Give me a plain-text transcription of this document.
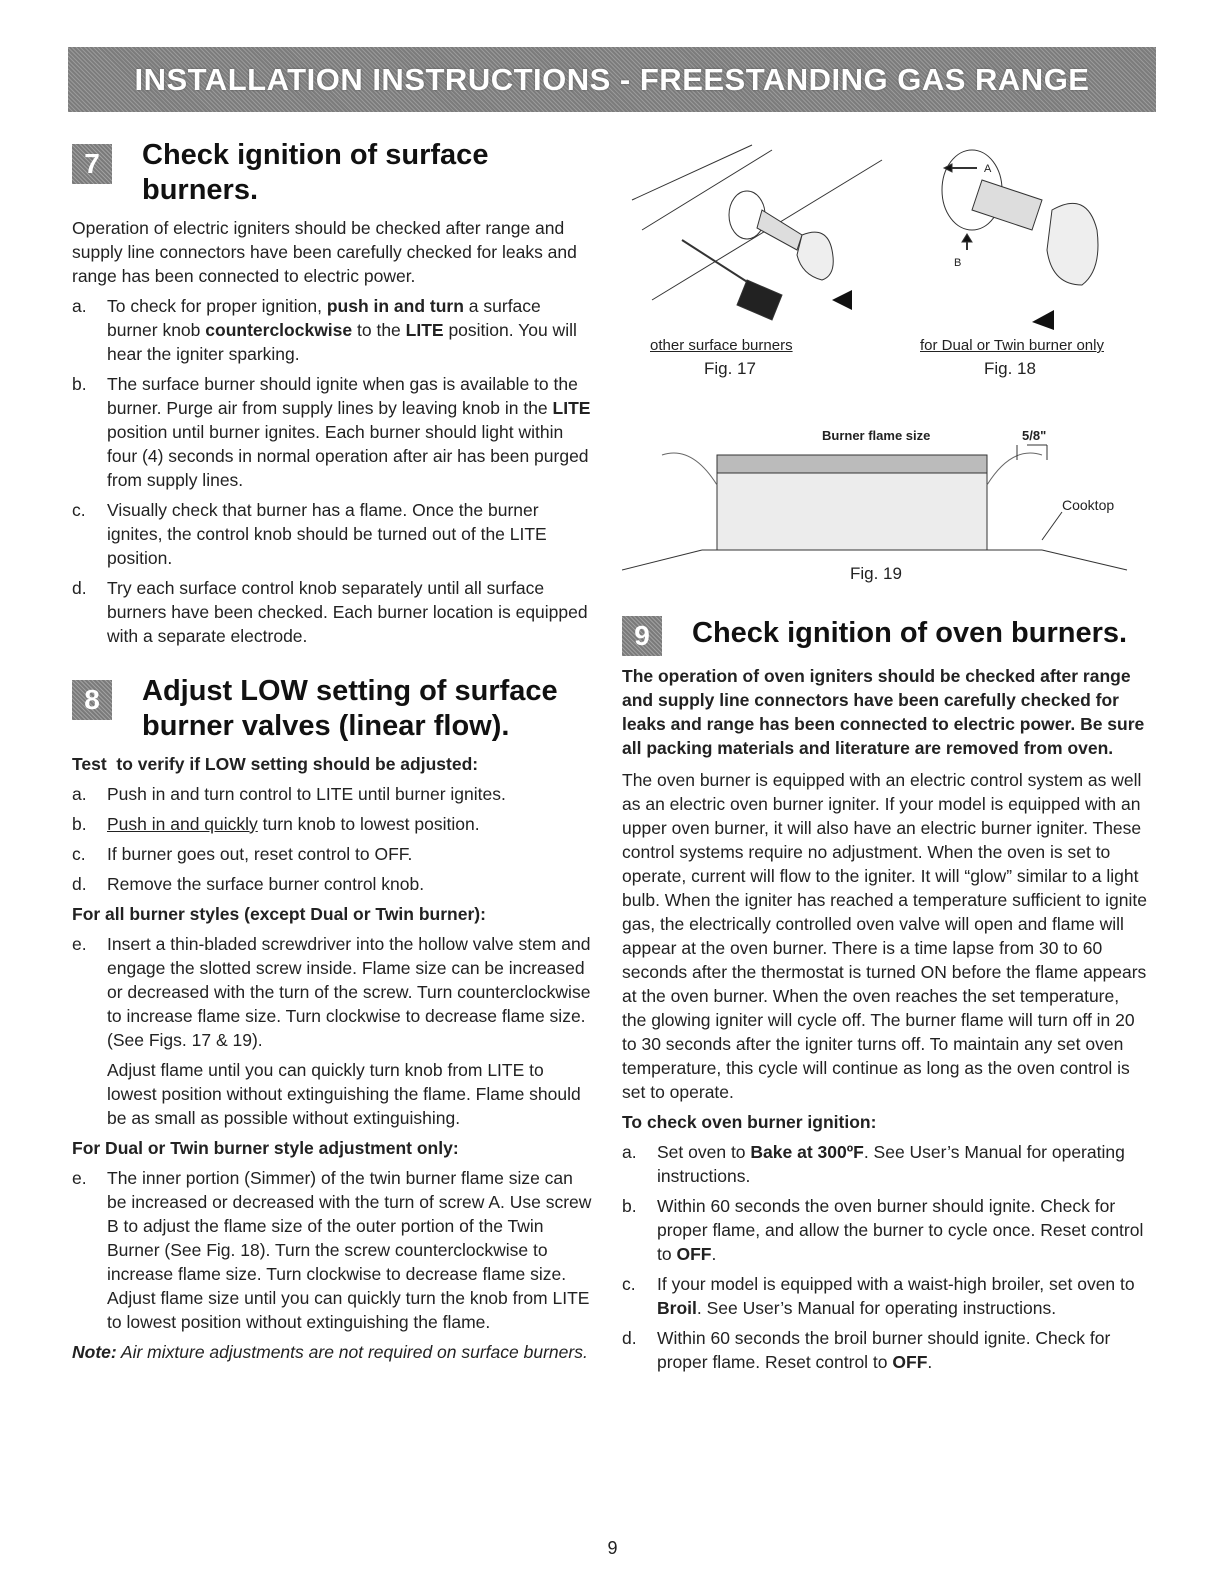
INSTALLATION INSTRUCTIONS - FREESTANDING GAS RANGE
7	Check ignition of surface burners.

Operation of electric igniters should be checked after range and supply line connectors have been carefully checked for leaks and range has been connected to electric power.

a.	To check for proper ignition, push in and turn a surface burner knob counterclockwise to the LITE position. You will hear the igniter sparking.
b.	The surface burner should ignite when gas is available to the burner. Purge air from supply lines by leaving knob in the LITE position until burner ignites. Each burner should light within four (4) seconds in normal operation after air has been purged from supply lines.
c.	Visually check that burner has a flame. Once the burner ignites, the control knob should be turned out of the LITE position.
d.	Try each surface control knob separately until all surface burners have been checked. Each burner location is equipped with a separate electrode.
8	Adjust LOW setting of surface burner valves (linear flow).
Test  to verify if LOW setting should be adjusted:
a.	Push in and turn control to LITE until burner ignites.
b.	Push in and quickly turn knob to lowest position.
c.	If burner goes out, reset control to OFF.
d.	Remove the surface burner control knob.
For all burner styles (except Dual or Twin burner):
e.	Insert a thin-bladed screwdriver into the hollow valve stem and engage the slotted screw inside. Flame size can be increased or decreased with the turn of the screw. Turn counterclockwise to increase flame size. Turn clockwise to decrease flame size. (See Figs. 17 & 19).
Adjust flame until you can quickly turn knob from LITE to lowest position without extinguishing the flame. Flame should be as small as possible without extinguishing.
For Dual or Twin burner style adjustment only:
e.	The inner portion (Simmer) of the twin burner flame size can be increased or decreased with the turn of screw A. Use screw B to adjust the flame size of the outer portion of the Twin Burner (See Fig. 18). Turn the screw counterclockwise to increase flame size. Turn clockwise to decrease flame size. Adjust flame size until you can quickly turn the knob from LITE to lowest position without extinguishing the flame.
Note: Air mixture adjustments are not required on surface burners.
A
B
Burner flame size	5/8"
Cooktop
other surface burners
Fig. 17
for Dual or Twin burner only
Fig. 18
Fig. 19
9	Check ignition of oven burners.
The operation of oven igniters should be checked after range and supply line connectors have been carefully checked for leaks and range has been connected to electric power. Be sure all packing materials and literature are removed from oven.

The oven burner is equipped with an electric control system as well as an electric oven burner igniter. If your model is equipped with an upper oven burner, it will also have an electric burner igniter. These control systems require no adjustment. When the oven is set to operate, current will flow to the igniter. It will “glow” similar to a light bulb. When the igniter has reached a temperature sufficient to ignite gas, the electrically controlled oven valve will open and flame will appear at the oven burner. There is a time lapse from 30 to 60 seconds after the thermostat is turned ON before the flame appears at the oven burner. When the oven reaches the set temperature, the glowing igniter will cycle off. The burner flame will turn off in 20 to 30 seconds after the igniter turns off. To maintain any set oven temperature, this cycle will continue as long as the oven control is set to operate.

To check oven burner ignition:
a.	Set oven to Bake at 300ºF. See User’s Manual for operating instructions.
b.	Within 60 seconds the oven burner should ignite. Check for proper flame, and allow the burner to cycle once. Reset control to OFF.
c.	If your model is equipped with a waist-high broiler, set oven to Broil. See User’s Manual for operating instructions.
d.	Within 60 seconds the broil burner should ignite. Check for proper flame. Reset control to OFF.
9
